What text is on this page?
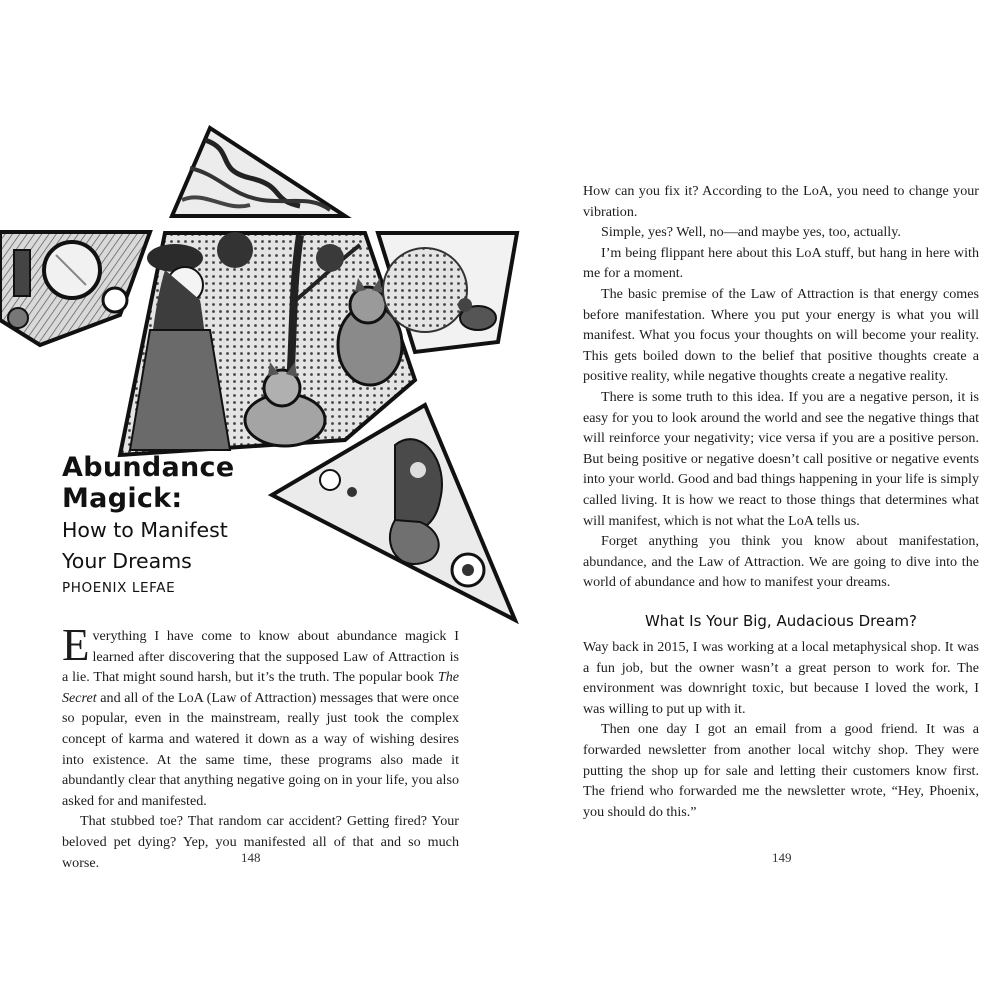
Abundance
Magick:
How to Manifest
Your Dreams
PHOENIX LEFAE

Everything I have come to know about abundance magick I learned after discovering that the supposed Law of Attraction is a lie. That might sound harsh, but it’s the truth. The popular book The Secret and all of the LoA (Law of Attraction) messages that were once so popular, even in the mainstream, really just took the complex concept of karma and watered it down as a way of wishing desires into existence. At the same time, these programs also made it abundantly clear that anything negative going on in your life, you also asked for and manifested.

That stubbed toe? That random car accident? Getting fired? Your beloved pet dying? Yep, you manifested all of that and so much worse.	148

How can you fix it? According to the LoA, you need to change your vibration.

Simple, yes? Well, no—and maybe yes, too, actually.

I’m being flippant here about this LoA stuff, but hang in here with me for a moment.

The basic premise of the Law of Attraction is that energy comes before manifestation. Where you put your energy is what you will manifest. What you focus your thoughts on will become your reality. This gets boiled down to the belief that positive thoughts create a positive reality, while negative thoughts create a negative reality.

There is some truth to this idea. If you are a negative person, it is easy for you to look around the world and see the negative things that will reinforce your negativity; vice versa if you are a positive person. But being positive or negative doesn’t call positive or negative events into your world. Good and bad things happening in your life is simply called living. It is how we react to those things that determines what will manifest, which is not what the LoA tells us.

Forget anything you think you know about manifestation, abundance, and the Law of Attraction. We are going to dive into the world of abundance and how to manifest your dreams.

What Is Your Big, Audacious Dream?

Way back in 2015, I was working at a local metaphysical shop. It was a fun job, but the owner wasn’t a great person to work for. The environment was downright toxic, but because I loved the work, I was willing to put up with it.

Then one day I got an email from a good friend. It was a forwarded newsletter from another local witchy shop. They were putting the shop up for sale and letting their customers know first. The friend who forwarded me the newsletter wrote, “Hey, Phoenix, you should do this.”

149
